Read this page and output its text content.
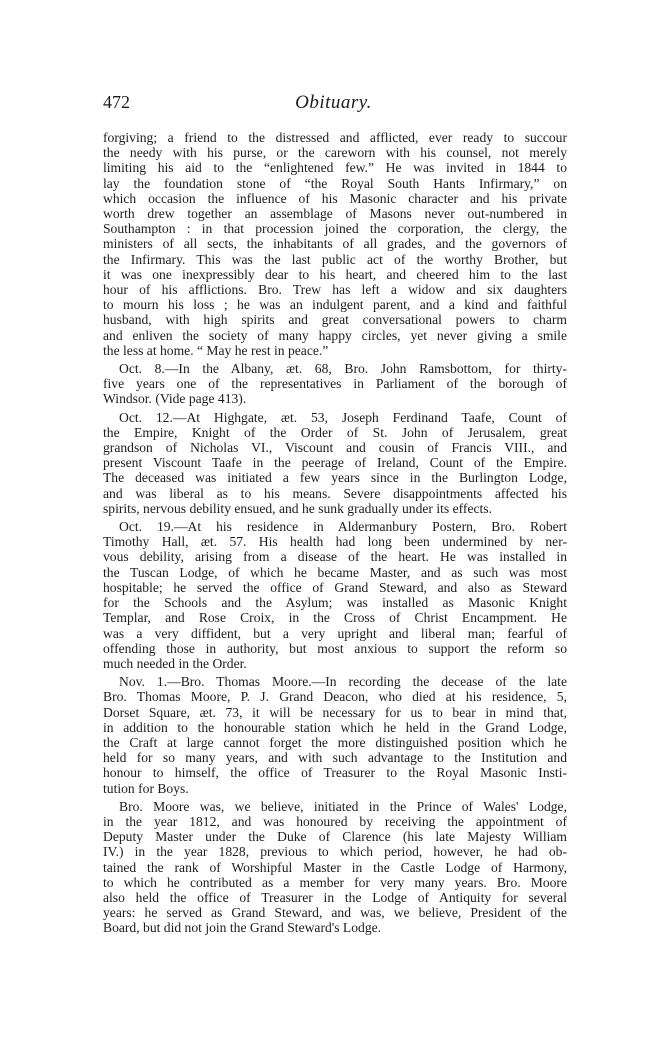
472	Obituary.
forgiving; a friend to the distressed and afflicted, ever ready to succour
the needy with his purse, or the careworn with his counsel, not merely
limiting his aid to the “enlightened few.” He was invited in 1844 to
lay the foundation stone of “the Royal South Hants Infirmary,” on
which occasion the influence of his Masonic character and his private
worth drew together an assemblage of Masons never out-numbered in
Southampton : in that procession joined the corporation, the clergy, the
ministers of all sects, the inhabitants of all grades, and the governors of
the Infirmary. This was the last public act of the worthy Brother, but
it was one inexpressibly dear to his heart, and cheered him to the last
hour of his afflictions. Bro. Trew has left a widow and six daughters
to mourn his loss ; he was an indulgent parent, and a kind and faithful
husband, with high spirits and great conversational powers to charm
and enliven the society of many happy circles, yet never giving a smile
the less at home. “ May he rest in peace.”
Oct. 8.—In the Albany, æt. 68, Bro. John Ramsbottom, for thirty-
five years one of the representatives in Parliament of the borough of
Windsor. (Vide page 413).
Oct. 12.—At Highgate, æt. 53, Joseph Ferdinand Taafe, Count of
the Empire, Knight of the Order of St. John of Jerusalem, great
grandson of Nicholas VI., Viscount and cousin of Francis VIII., and
present Viscount Taafe in the peerage of Ireland, Count of the Empire.
The deceased was initiated a few years since in the Burlington Lodge,
and was liberal as to his means. Severe disappointments affected his
spirits, nervous debility ensued, and he sunk gradually under its effects.
Oct. 19.—At his residence in Aldermanbury Postern, Bro. Robert
Timothy Hall, æt. 57. His health had long been undermined by ner-
vous debility, arising from a disease of the heart. He was installed in
the Tuscan Lodge, of which he became Master, and as such was most
hospitable; he served the office of Grand Steward, and also as Steward
for the Schools and the Asylum; was installed as Masonic Knight
Templar, and Rose Croix, in the Cross of Christ Encampment. He
was a very diffident, but a very upright and liberal man; fearful of
offending those in authority, but most anxious to support the reform so
much needed in the Order.
Nov. 1.—Bro. Thomas Moore.—In recording the decease of the late
Bro. Thomas Moore, P. J. Grand Deacon, who died at his residence, 5,
Dorset Square, æt. 73, it will be necessary for us to bear in mind that,
in addition to the honourable station which he held in the Grand Lodge,
the Craft at large cannot forget the more distinguished position which he
held for so many years, and with such advantage to the Institution and
honour to himself, the office of Treasurer to the Royal Masonic Insti-
tution for Boys.
Bro. Moore was, we believe, initiated in the Prince of Wales' Lodge,
in the year 1812, and was honoured by receiving the appointment of
Deputy Master under the Duke of Clarence (his late Majesty William
IV.) in the year 1828, previous to which period, however, he had ob-
tained the rank of Worshipful Master in the Castle Lodge of Harmony,
to which he contributed as a member for very many years. Bro. Moore
also held the office of Treasurer in the Lodge of Antiquity for several
years: he served as Grand Steward, and was, we believe, President of the
Board, but did not join the Grand Steward's Lodge.
